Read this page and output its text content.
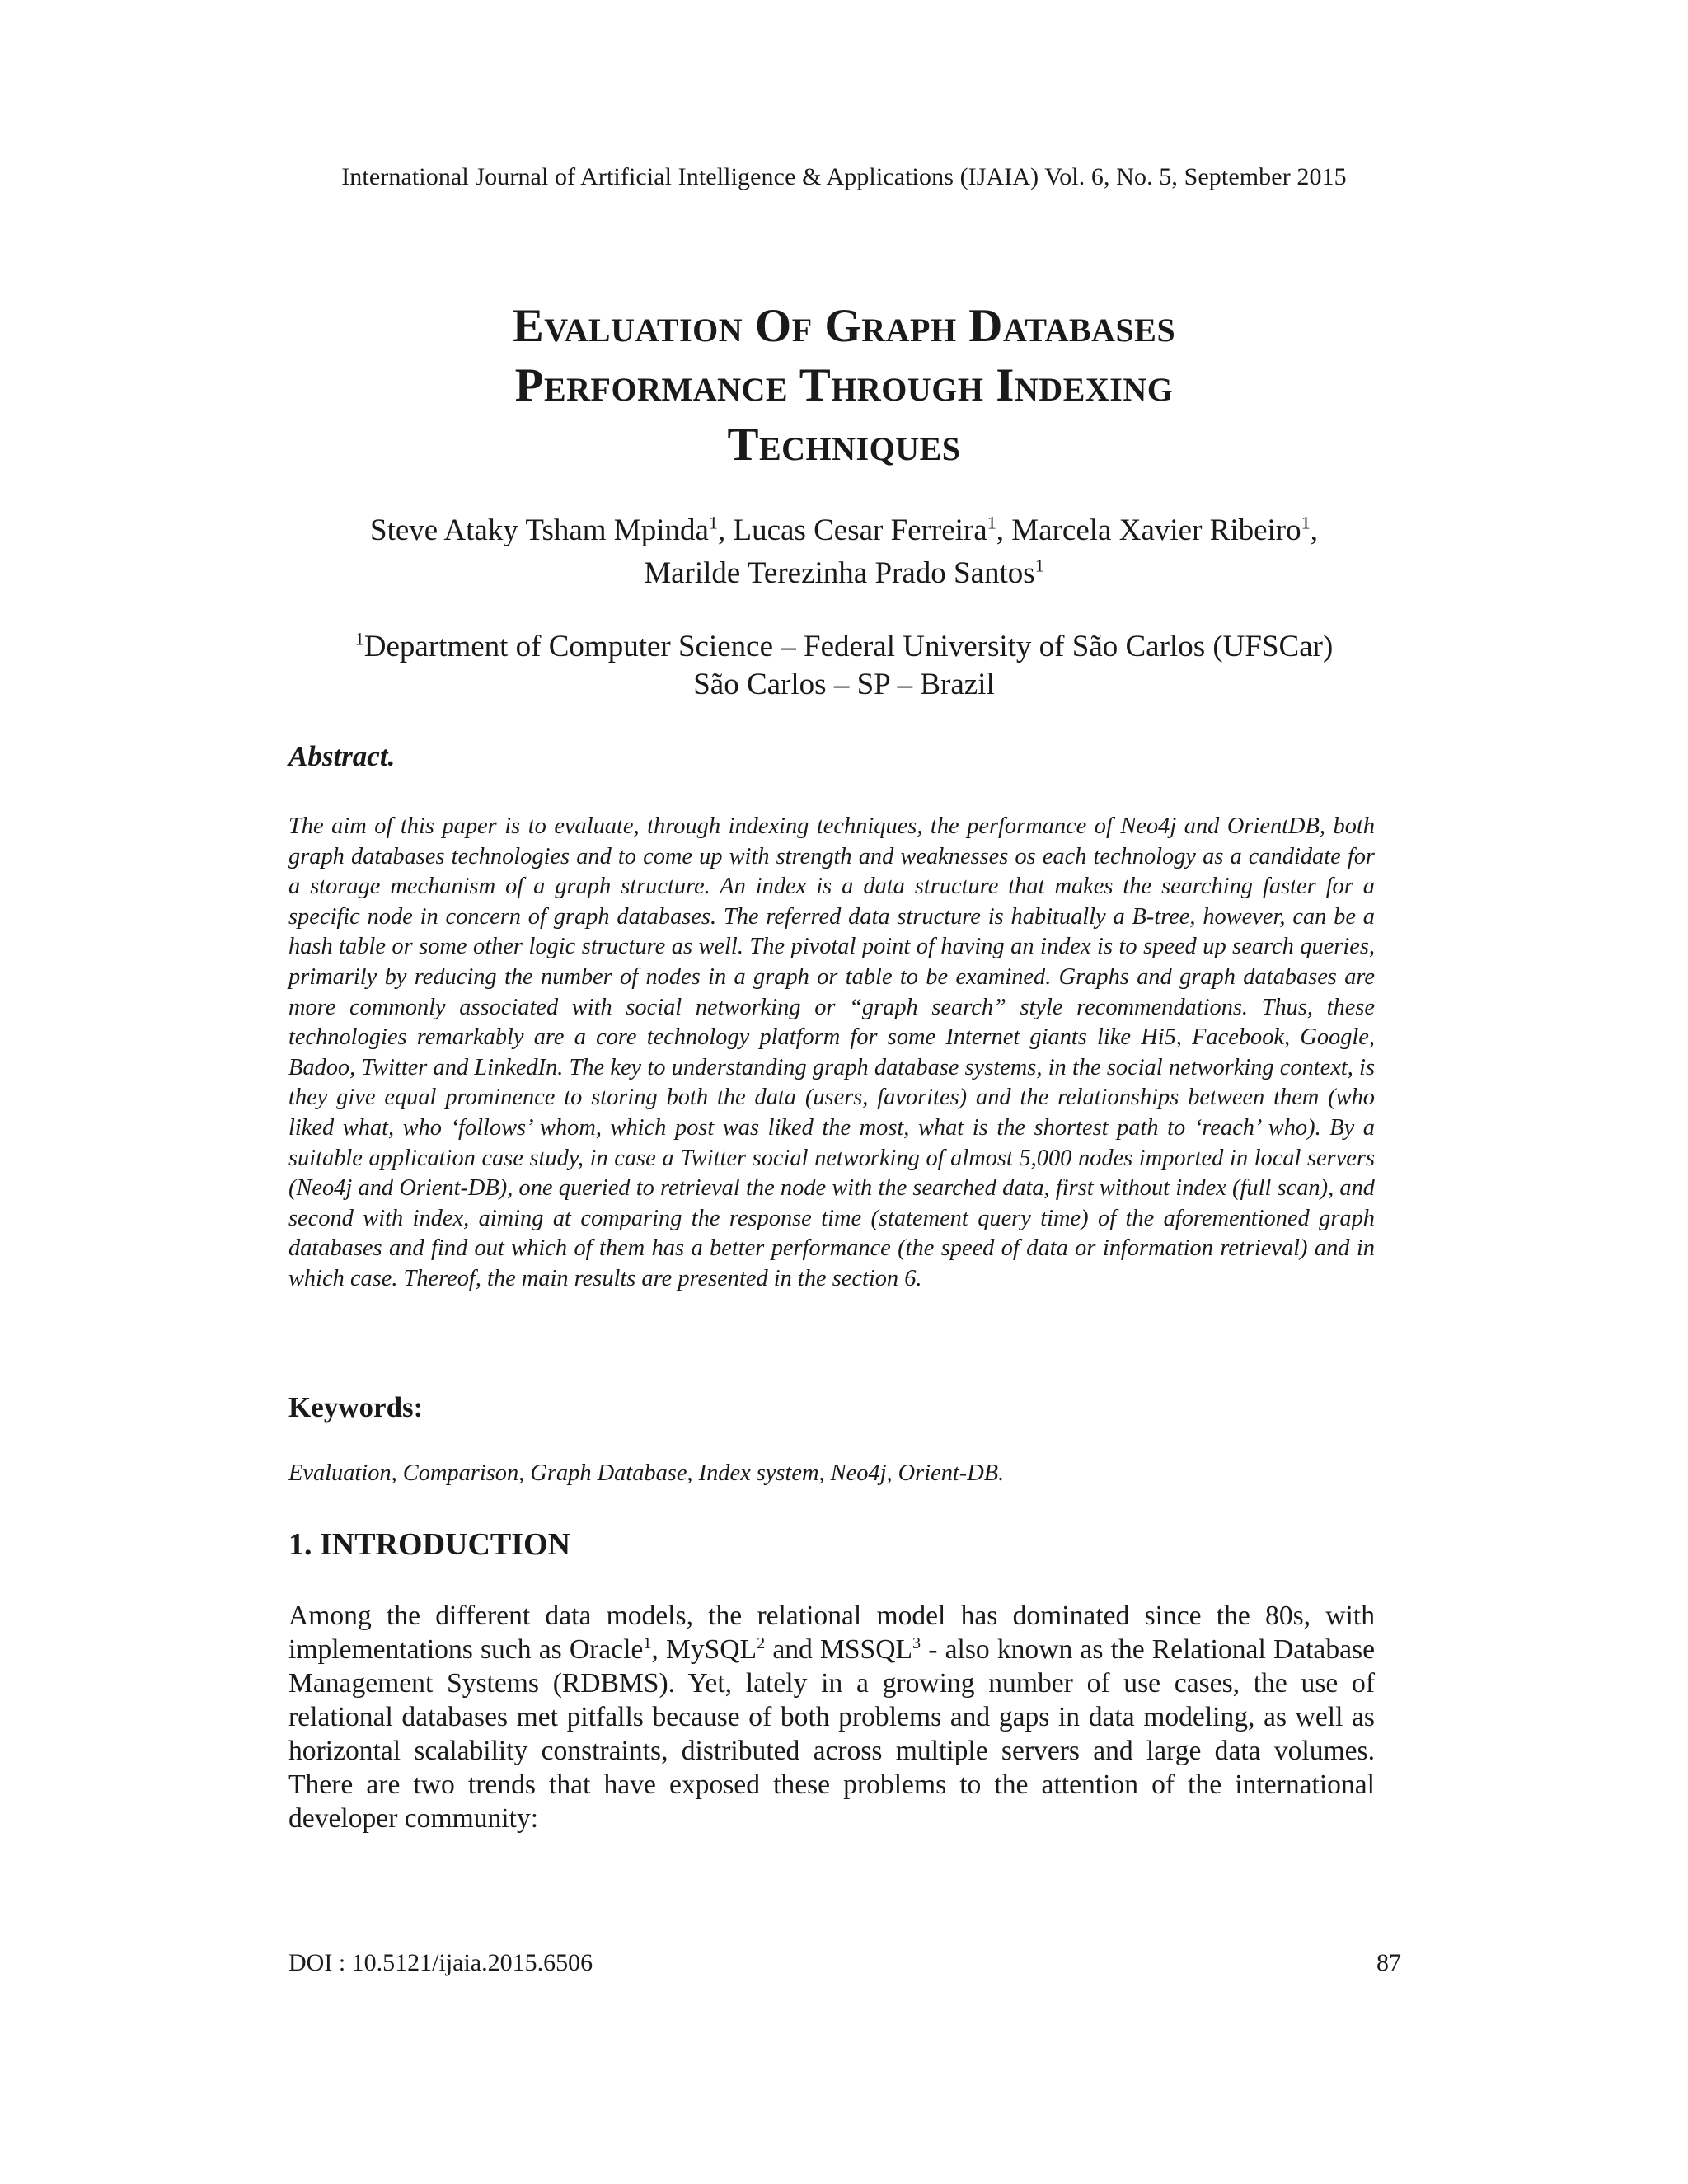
International Journal of Artificial Intelligence & Applications (IJAIA) Vol. 6, No. 5, September 2015
Evaluation Of Graph Databases
Performance Through Indexing
Techniques
Steve Ataky Tsham Mpinda$^1$, Lucas Cesar Ferreira$^1$, Marcela Xavier Ribeiro$^1$,
Marilde Terezinha Prado Santos$^1$
$^1$Department of Computer Science – Federal University of São Carlos (UFSCar)
São Carlos – SP – Brazil
Abstract.
The aim of this paper is to evaluate, through indexing techniques, the performance of Neo4j and OrientDB, both graph databases technologies and to come up with strength and weaknesses os each technology as a candidate for a storage mechanism of a graph structure. An index is a data structure that makes the searching faster for a specific node in concern of graph databases. The referred data structure is habitually a B-tree, however, can be a hash table or some other logic structure as well. The pivotal point of having an index is to speed up search queries, primarily by reducing the number of nodes in a graph or table to be examined. Graphs and graph databases are more commonly associated with social networking or “graph search” style recommendations. Thus, these technologies remarkably are a core technology platform for some Internet giants like Hi5, Facebook, Google, Badoo, Twitter and LinkedIn. The key to understanding graph database systems, in the social networking context, is they give equal prominence to storing both the data (users, favorites) and the relationships between them (who liked what, who ‘follows’ whom, which post was liked the most, what is the shortest path to ‘reach’ who). By a suitable application case study, in case a Twitter social networking of almost 5,000 nodes imported in local servers (Neo4j and Orient-DB), one queried to retrieval the node with the searched data, first without index (full scan), and second with index, aiming at comparing the response time (statement query time) of the aforementioned graph databases and find out which of them has a better performance (the speed of data or information retrieval) and in which case. Thereof, the main results are presented in the section 6.
Keywords:
Evaluation, Comparison, Graph Database, Index system, Neo4j, Orient-DB.
1. INTRODUCTION
Among the different data models, the relational model has dominated since the 80s, with implementations such as Oracle$^1$, MySQL$^2$ and MSSQL$^3$ - also known as the Relational Database Management Systems (RDBMS). Yet, lately in a growing number of use cases, the use of relational databases met pitfalls because of both problems and gaps in data modeling, as well as horizontal scalability constraints, distributed across multiple servers and large data volumes. There are two trends that have exposed these problems to the attention of the international developer community:
DOI : 10.5121/ijaia.2015.6506	87
